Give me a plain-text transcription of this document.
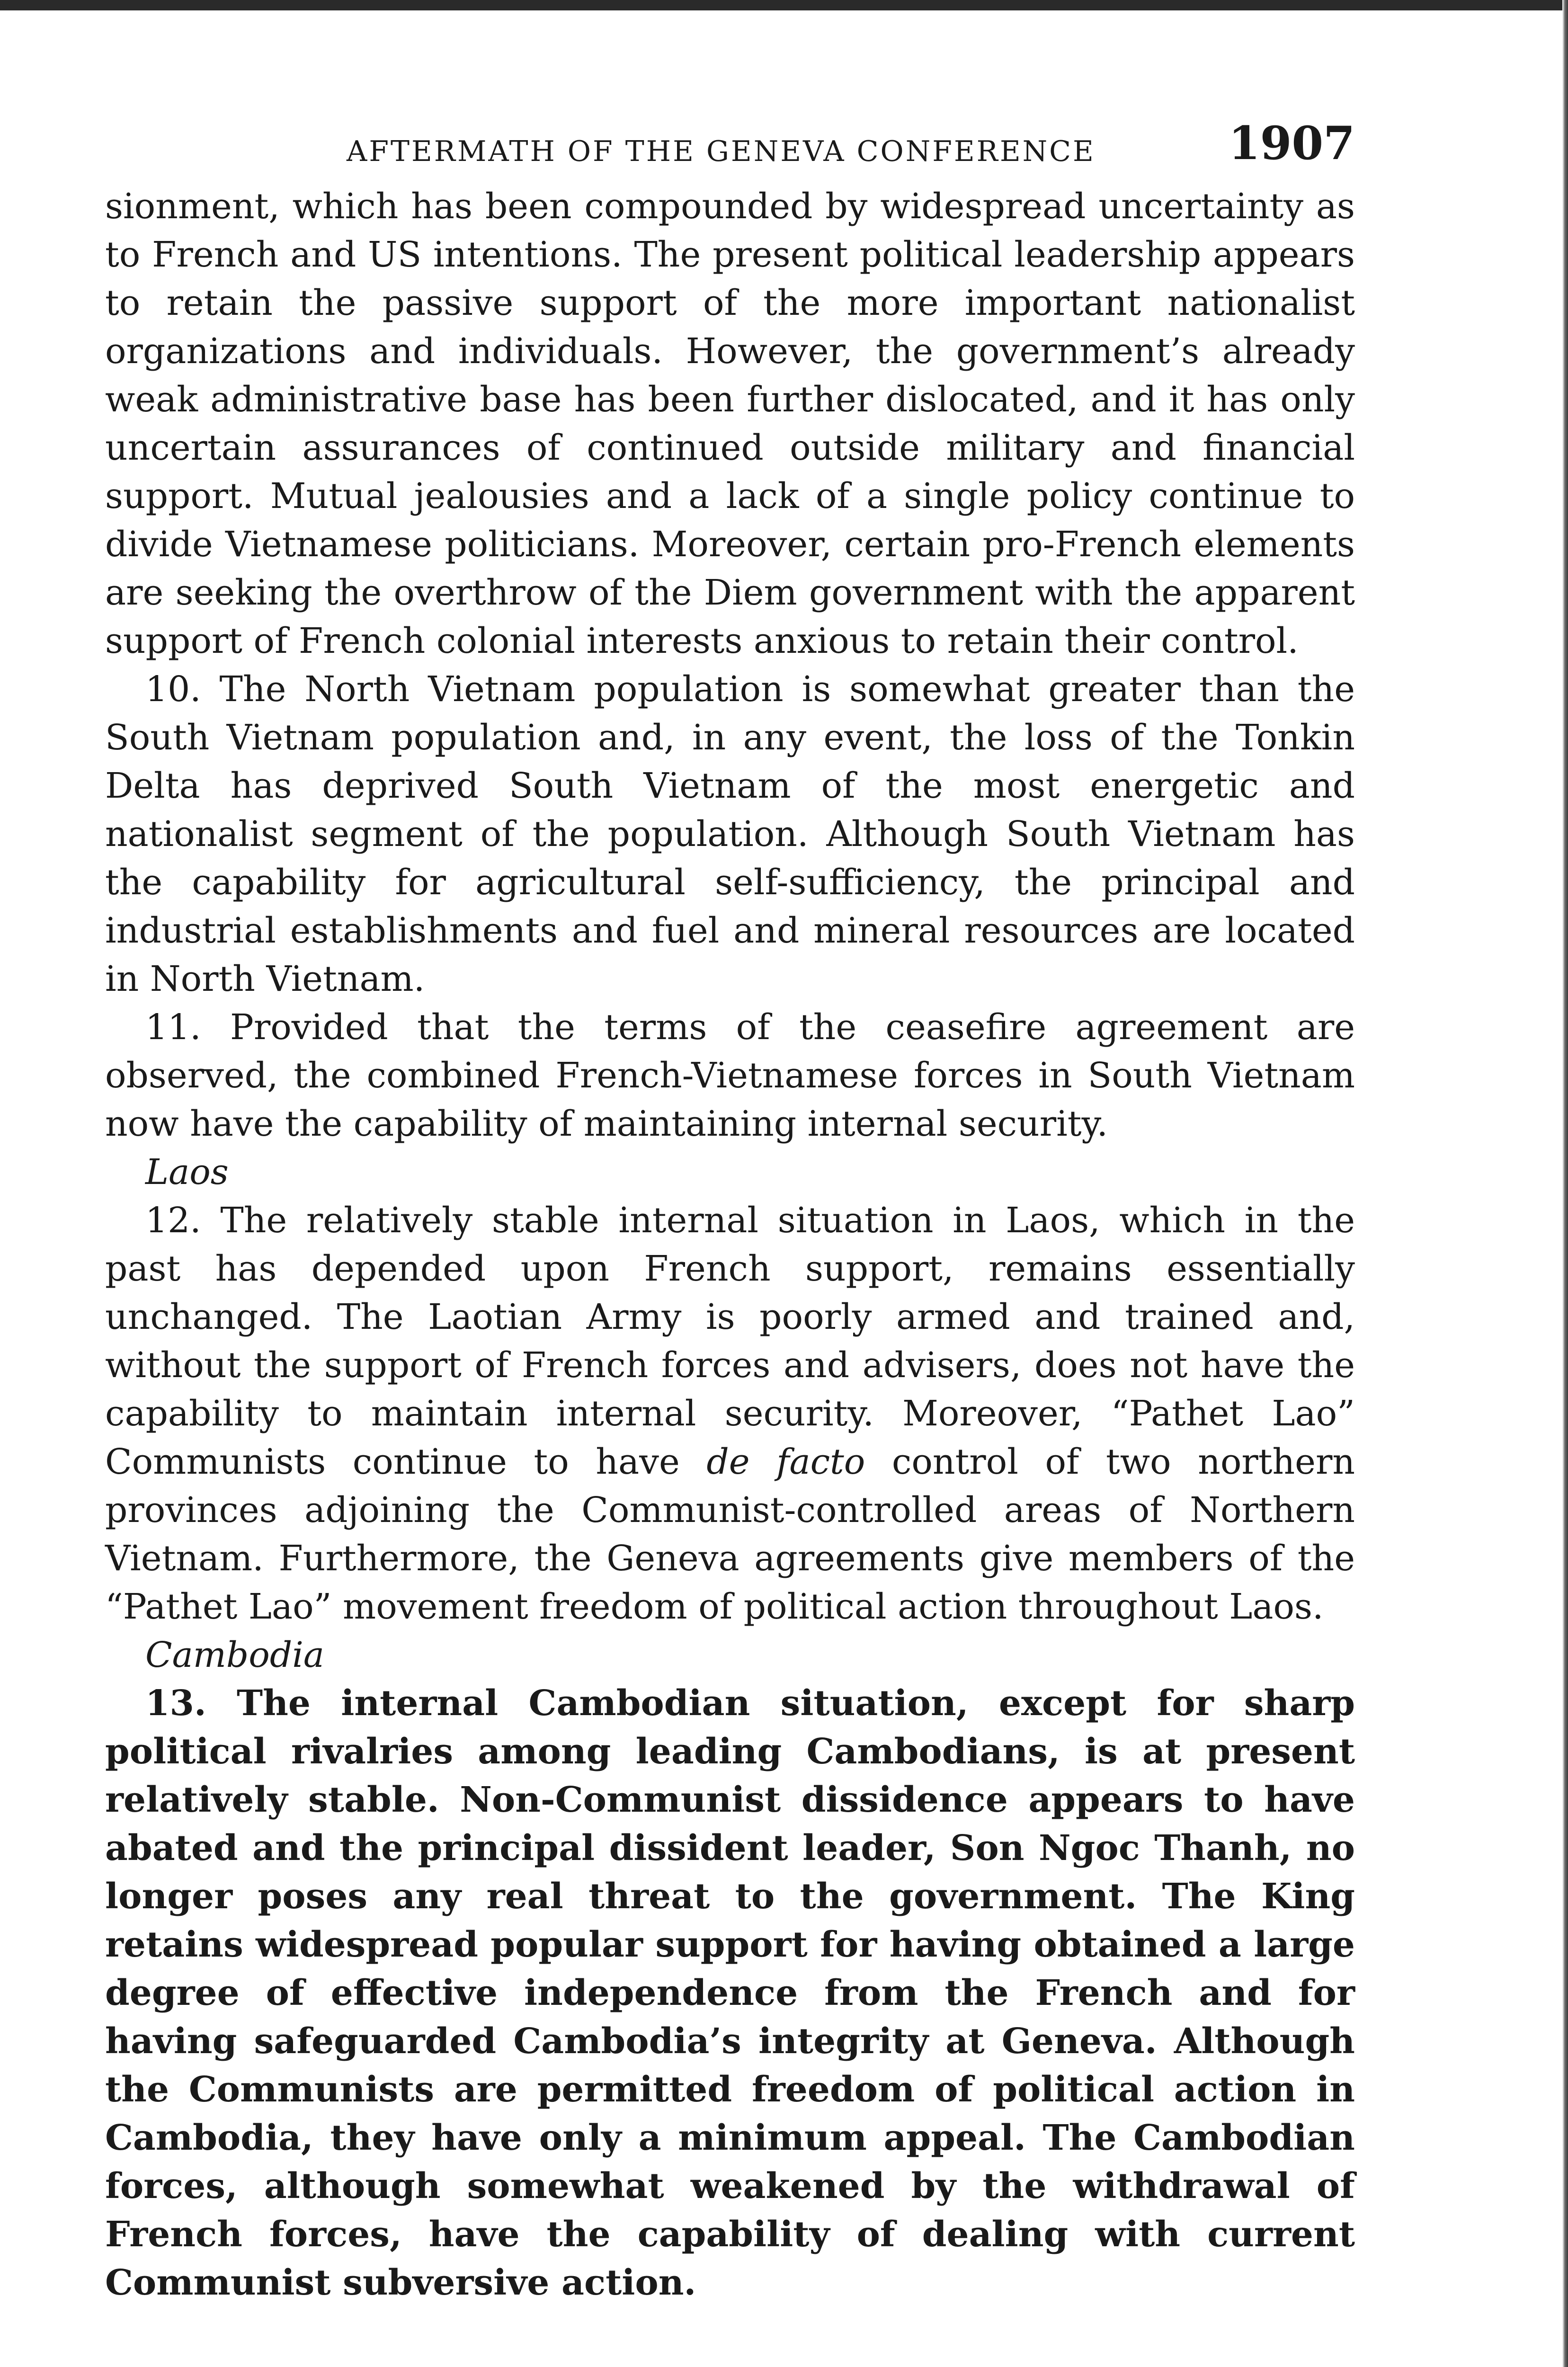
AFTERMATH OF THE GENEVA CONFERENCE	1907

sionment, which has been compounded by widespread uncertainty as to French and US intentions. The present political leadership appears to retain the passive support of the more important nationalist organizations and individuals. However, the government’s already weak administrative base has been further dislocated, and it has only uncertain assurances of continued outside military and financial support. Mutual jealousies and a lack of a single policy continue to divide Vietnamese politicians. Moreover, certain pro-French elements are seeking the overthrow of the Diem government with the apparent support of French colonial interests anxious to retain their control.

10. The North Vietnam population is somewhat greater than the South Vietnam population and, in any event, the loss of the Tonkin Delta has deprived South Vietnam of the most energetic and nationalist segment of the population. Although South Vietnam has the capability for agricultural self-sufficiency, the principal and industrial establishments and fuel and mineral resources are located in North Vietnam.

11. Provided that the terms of the ceasefire agreement are observed, the combined French-Vietnamese forces in South Vietnam now have the capability of maintaining internal security.

Laos

12. The relatively stable internal situation in Laos, which in the past has depended upon French support, remains essentially unchanged. The Laotian Army is poorly armed and trained and, without the support of French forces and advisers, does not have the capability to maintain internal security. Moreover, “Pathet Lao” Communists continue to have de facto control of two northern provinces adjoining the Communist-controlled areas of Northern Vietnam. Furthermore, the Geneva agreements give members of the “Pathet Lao” movement freedom of political action throughout Laos.

Cambodia

13. The internal Cambodian situation, except for sharp political rivalries among leading Cambodians, is at present relatively stable. Non-Communist dissidence appears to have abated and the principal dissident leader, Son Ngoc Thanh, no longer poses any real threat to the government. The King retains widespread popular support for having obtained a large degree of effective independence from the French and for having safeguarded Cambodia’s integrity at Geneva. Although the Communists are permitted freedom of political action in Cambodia, they have only a minimum appeal. The Cambodian forces, although somewhat weakened by the withdrawal of French forces, have the capability of dealing with current Communist subversive action.
